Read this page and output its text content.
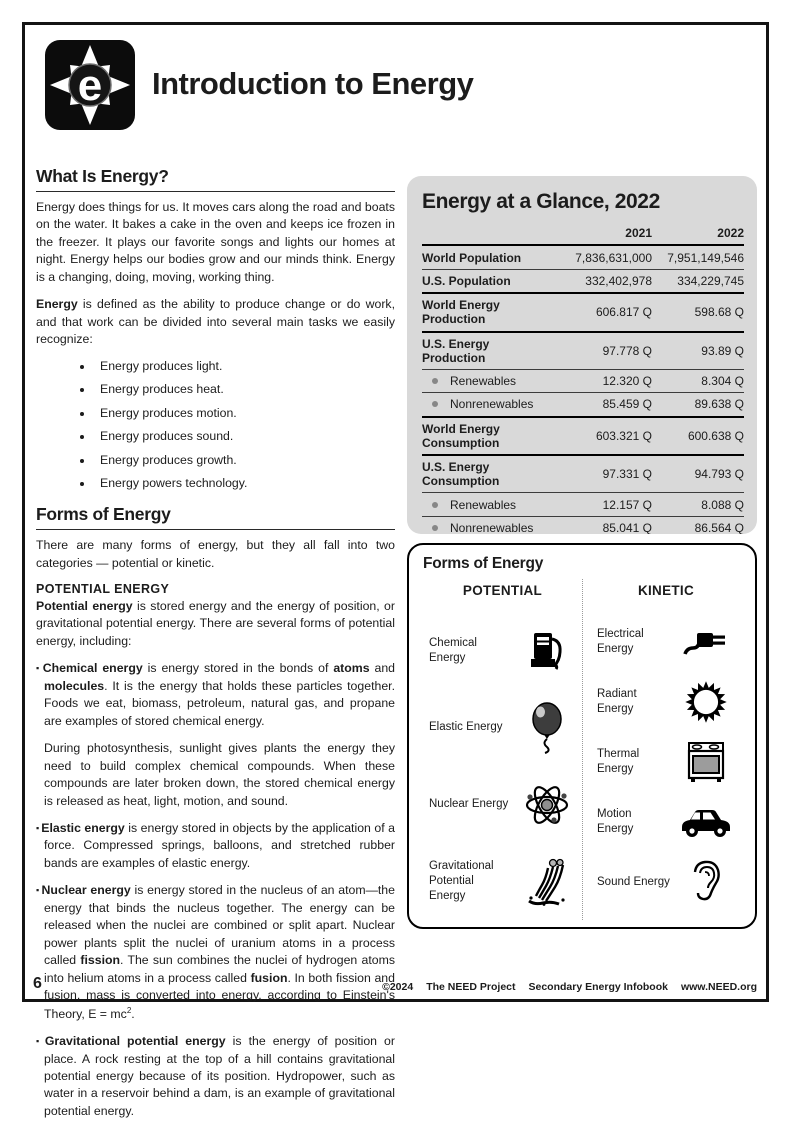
e Introduction to Energy
What Is Energy?

Energy does things for us. It moves cars along the road and boats on the water. It bakes a cake in the oven and keeps ice frozen in the freezer. It plays our favorite songs and lights our homes at night. Energy helps our bodies grow and our minds think. Energy is a changing, doing, moving, working thing.

Energy is defined as the ability to produce change or do work, and that work can be divided into several main tasks we easily recognize:

• Energy produces light.
• Energy produces heat.
• Energy produces motion.
• Energy produces sound.
• Energy produces growth.
• Energy powers technology.
Forms of Energy

There are many forms of energy, but they all fall into two categories — potential or kinetic.

POTENTIAL ENERGY

Potential energy is stored energy and the energy of position, or gravitational potential energy. There are several forms of potential energy, including:

▪ Chemical energy is energy stored in the bonds of atoms and molecules. It is the energy that holds these particles together. Foods we eat, biomass, petroleum, natural gas, and propane are examples of stored chemical energy.

During photosynthesis, sunlight gives plants the energy they need to build complex chemical compounds. When these compounds are later broken down, the stored chemical energy is released as heat, light, motion, and sound.

▪ Elastic energy is energy stored in objects by the application of a force. Compressed springs, balloons, and stretched rubber bands are examples of elastic energy.

▪ Nuclear energy is energy stored in the nucleus of an atom—the energy that binds the nucleus together. The energy can be released when the nuclei are combined or split apart. Nuclear power plants split the nuclei of uranium atoms in a process called fission. The sun combines the nuclei of hydrogen atoms into helium atoms in a process called fusion. In both fission and fusion, mass is converted into energy, according to Einstein's Theory, $E = mc^2$.

▪ Gravitational potential energy is the energy of position or place. A rock resting at the top of a hill contains gravitational potential energy because of its position. Hydropower, such as water in a reservoir behind a dam, is an example of gravitational potential energy.

Energy at a Glance, 2022
2021	2022
World Population	7,836,631,000	7,951,149,546
U.S. Population	332,402,978	334,229,745
World Energy Production	606.817 Q	598.68 Q
U.S. Energy Production	97.778 Q	93.89 Q
Renewables	12.320 Q	8.304 Q
Nonrenewables	85.459 Q	89.638 Q
World Energy Consumption	603.321 Q	600.638 Q
U.S. Energy Consumption	97.331 Q	94.793 Q
Renewables	12.157 Q	8.088 Q
Nonrenewables	85.041 Q	86.564 Q

Forms of Energy
POTENTIAL
Chemical Energy
Elastic Energy
Nuclear Energy
Gravitational Potential Energy
KINETIC
Electrical Energy
Radiant Energy
Thermal Energy
Motion Energy
Sound Energy
6	©2024 The NEED Project Secondary Energy Infobook www.NEED.org
